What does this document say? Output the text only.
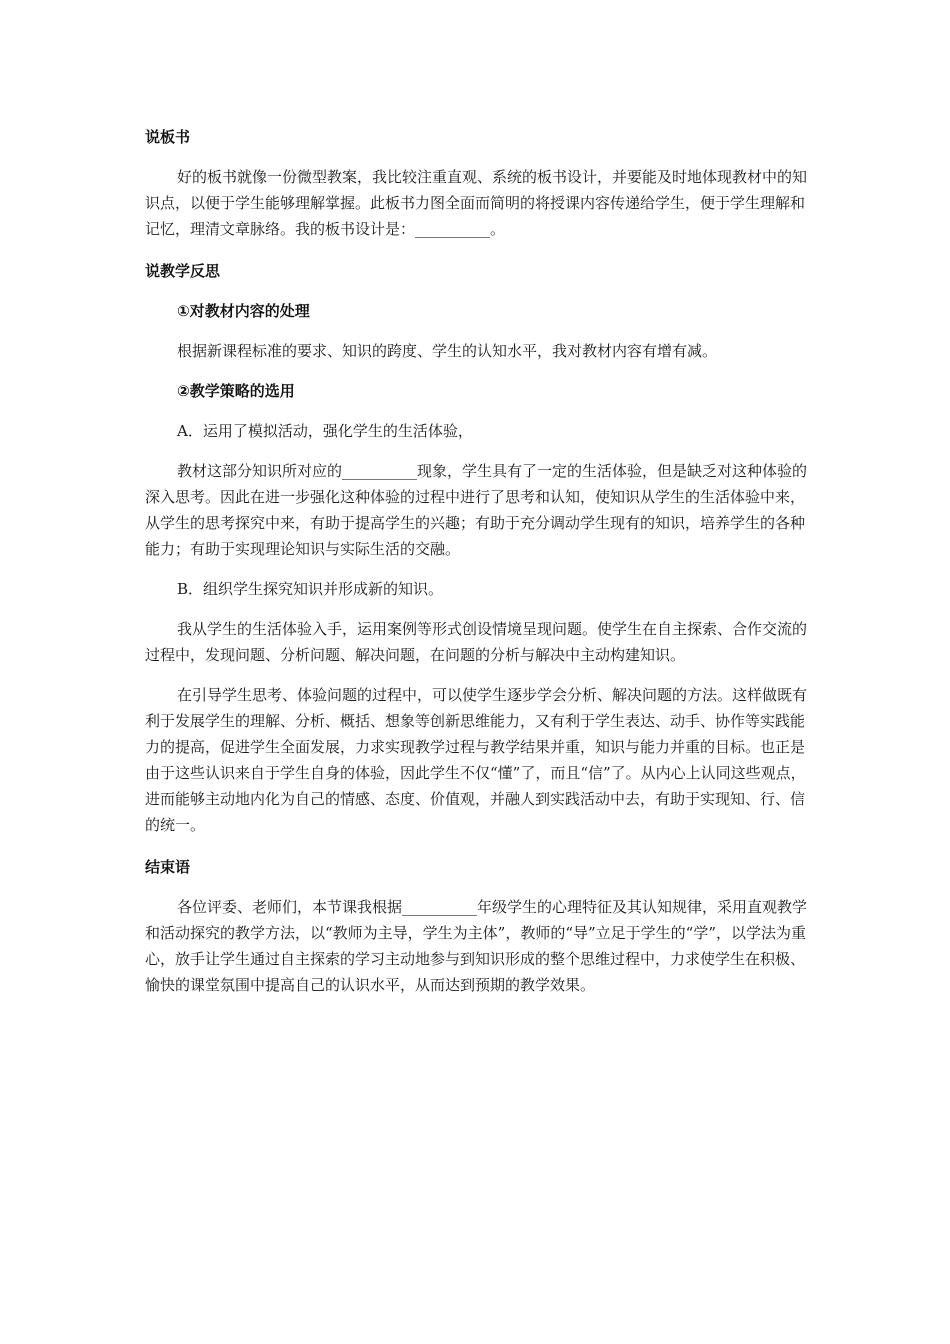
说板书

好的板书就像一份微型教案，我比较注重直观、系统的板书设计，并要能及时地体现教材中的知识点，以便于学生能够理解掌握。此板书力图全面而简明的将授课内容传递给学生，便于学生理解和记忆，理清文章脉络。我的板书设计是：__________。

说教学反思

①对教材内容的处理

根据新课程标准的要求、知识的跨度、学生的认知水平，我对教材内容有增有减。

②教学策略的选用

A．运用了模拟活动，强化学生的生活体验，

教材这部分知识所对应的__________现象，学生具有了一定的生活体验，但是缺乏对这种体验的深入思考。因此在进一步强化这种体验的过程中进行了思考和认知，使知识从学生的生活体验中来，从学生的思考探究中来，有助于提高学生的兴趣；有助于充分调动学生现有的知识，培养学生的各种能力；有助于实现理论知识与实际生活的交融。

B．组织学生探究知识并形成新的知识。

我从学生的生活体验入手，运用案例等形式创设情境呈现问题。使学生在自主探索、合作交流的过程中，发现问题、分析问题、解决问题，在问题的分析与解决中主动构建知识。

在引导学生思考、体验问题的过程中，可以使学生逐步学会分析、解决问题的方法。这样做既有利于发展学生的理解、分析、概括、想象等创新思维能力，又有利于学生表达、动手、协作等实践能力的提高，促进学生全面发展，力求实现教学过程与教学结果并重，知识与能力并重的目标。也正是由于这些认识来自于学生自身的体验，因此学生不仅“懂”了，而且“信”了。从内心上认同这些观点，进而能够主动地内化为自己的情感、态度、价值观，并融人到实践活动中去，有助于实现知、行、信的统一。

结束语

各位评委、老师们，本节课我根据__________年级学生的心理特征及其认知规律，采用直观教学和活动探究的教学方法，以“教师为主导，学生为主体”，教师的“导”立足于学生的“学”，以学法为重心，放手让学生通过自主探索的学习主动地参与到知识形成的整个思维过程中，力求使学生在积极、愉快的课堂氛围中提高自己的认识水平，从而达到预期的教学效果。
